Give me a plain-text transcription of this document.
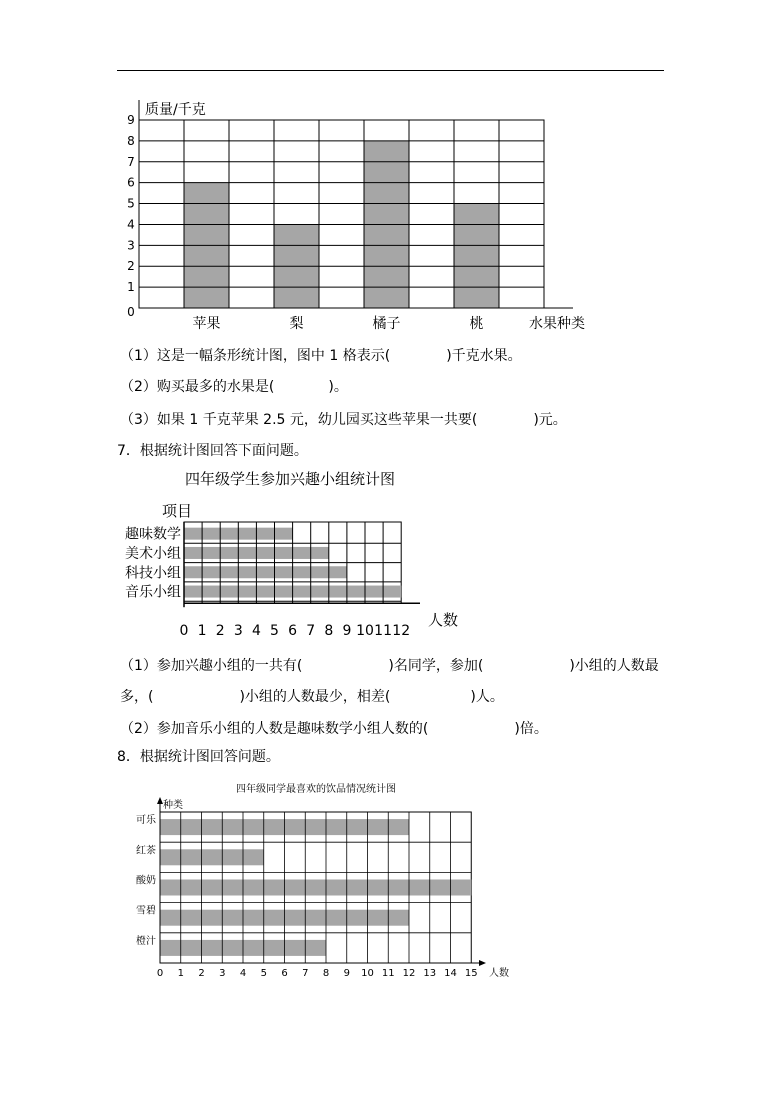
0
1
2
3
4
5
6
7
8
9
质量/千克
苹果	梨	橘子	桃	水果种类
（1）这是一幅条形统计图，图中 1 格表示(	)千克水果。
（2）购买最多的水果是(	)。
（3）如果 1 千克苹果 2.5 元，幼儿园买这些苹果一共要(	)元。
7．根据统计图回答下面问题。
四年级学生参加兴趣小组统计图
项目
趣味数学
美术小组
科技小组
音乐小组
0 1 2 3 4 5 6 7 8 9 10 11 12
人数
（1）参加兴趣小组的一共有(	)名同学，参加(	)小组的人数最
多，(	)小组的人数最少，相差(	)人。
（2）参加音乐小组的人数是趣味数学小组人数的(	)倍。
8．根据统计图回答问题。
四年级同学最喜欢的饮品情况统计图
种类
可乐
红茶
酸奶
雪碧
橙汁
0 1 2 3 4 5 6 7 8 9 10 11 12 13 14 15 人数
